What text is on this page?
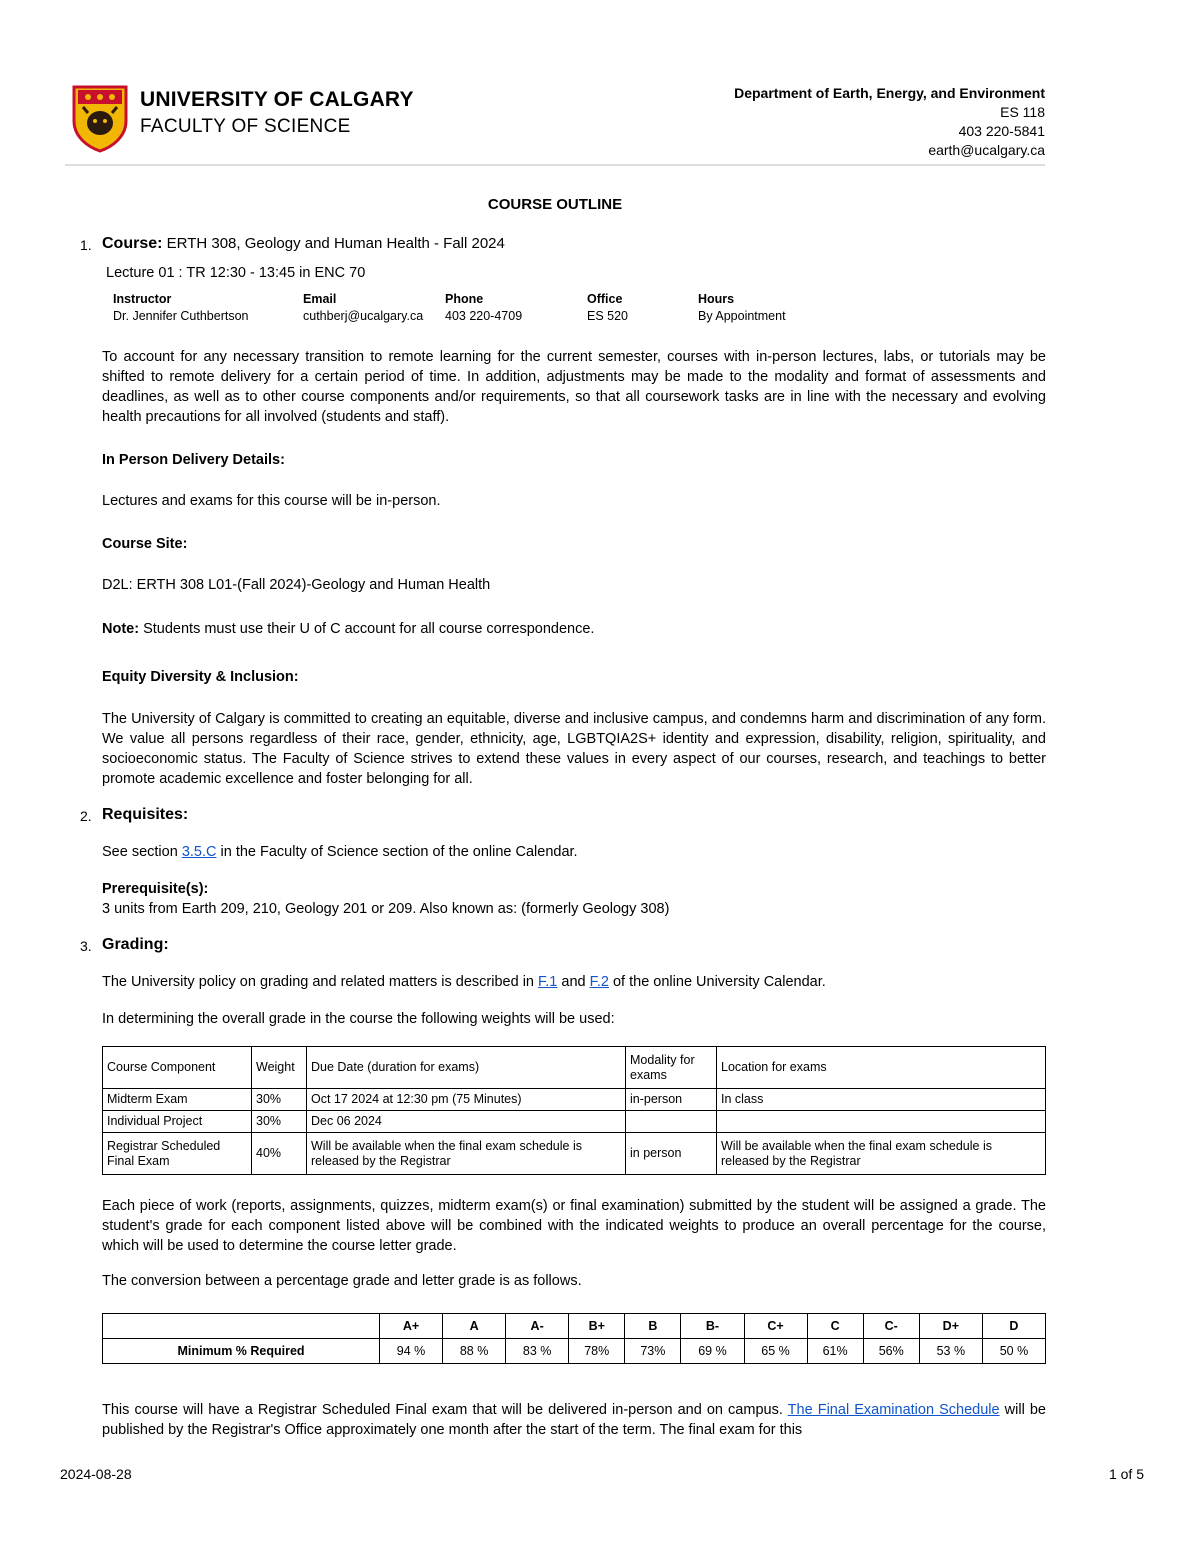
UNIVERSITY OF CALGARY
FACULTY OF SCIENCE
Department of Earth, Energy, and Environment
ES 118
403 220-5841
earth@ucalgary.ca
COURSE OUTLINE
1. Course: ERTH 308, Geology and Human Health - Fall 2024
Lecture 01 : TR 12:30 - 13:45 in ENC 70
Instructor	Email	Phone	Office	Hours
Dr. Jennifer Cuthbertson	cuthberj@ucalgary.ca	403 220-4709	ES 520	By Appointment

To account for any necessary transition to remote learning for the current semester, courses with in-person lectures, labs, or tutorials may be shifted to remote delivery for a certain period of time. In addition, adjustments may be made to the modality and format of assessments and deadlines, as well as to other course components and/or requirements, so that all coursework tasks are in line with the necessary and evolving health precautions for all involved (students and staff).

In Person Delivery Details:
Lectures and exams for this course will be in-person.
Course Site:
D2L: ERTH 308 L01-(Fall 2024)-Geology and Human Health
Note: Students must use their U of C account for all course correspondence.
Equity Diversity & Inclusion:

The University of Calgary is committed to creating an equitable, diverse and inclusive campus, and condemns harm and discrimination of any form. We value all persons regardless of their race, gender, ethnicity, age, LGBTQIA2S+ identity and expression, disability, religion, spirituality, and socioeconomic status. The Faculty of Science strives to extend these values in every aspect of our courses, research, and teachings to better promote academic excellence and foster belonging for all.

2. Requisites:
See section 3.5.C in the Faculty of Science section of the online Calendar.
Prerequisite(s):
3 units from Earth 209, 210, Geology 201 or 209. Also known as: (formerly Geology 308)
3. Grading:
The University policy on grading and related matters is described in F.1 and F.2 of the online University Calendar.
In determining the overall grade in the course the following weights will be used:
Course Component	Weight	Due Date (duration for exams)	Modality for exams	Location for exams
Midterm Exam	30%	Oct 17 2024 at 12:30 pm (75 Minutes)	in-person	In class
Individual Project	30%	Dec 06 2024		
Registrar Scheduled Final Exam	40%	Will be available when the final exam schedule is released by the Registrar	in person	Will be available when the final exam schedule is released by the Registrar

Each piece of work (reports, assignments, quizzes, midterm exam(s) or final examination) submitted by the student will be assigned a grade. The student's grade for each component listed above will be combined with the indicated weights to produce an overall percentage for the course, which will be used to determine the course letter grade.

The conversion between a percentage grade and letter grade is as follows.
	A+	A	A-	B+	B	B-	C+	C	C-	D+	D
Minimum % Required	94 %	88 %	83 %	78%	73%	69 %	65 %	61%	56%	53 %	50 %

This course will have a Registrar Scheduled Final exam that will be delivered in-person and on campus. The Final Examination Schedule will be published by the Registrar's Office approximately one month after the start of the term. The final exam for this

2024-08-28	1 of 5
